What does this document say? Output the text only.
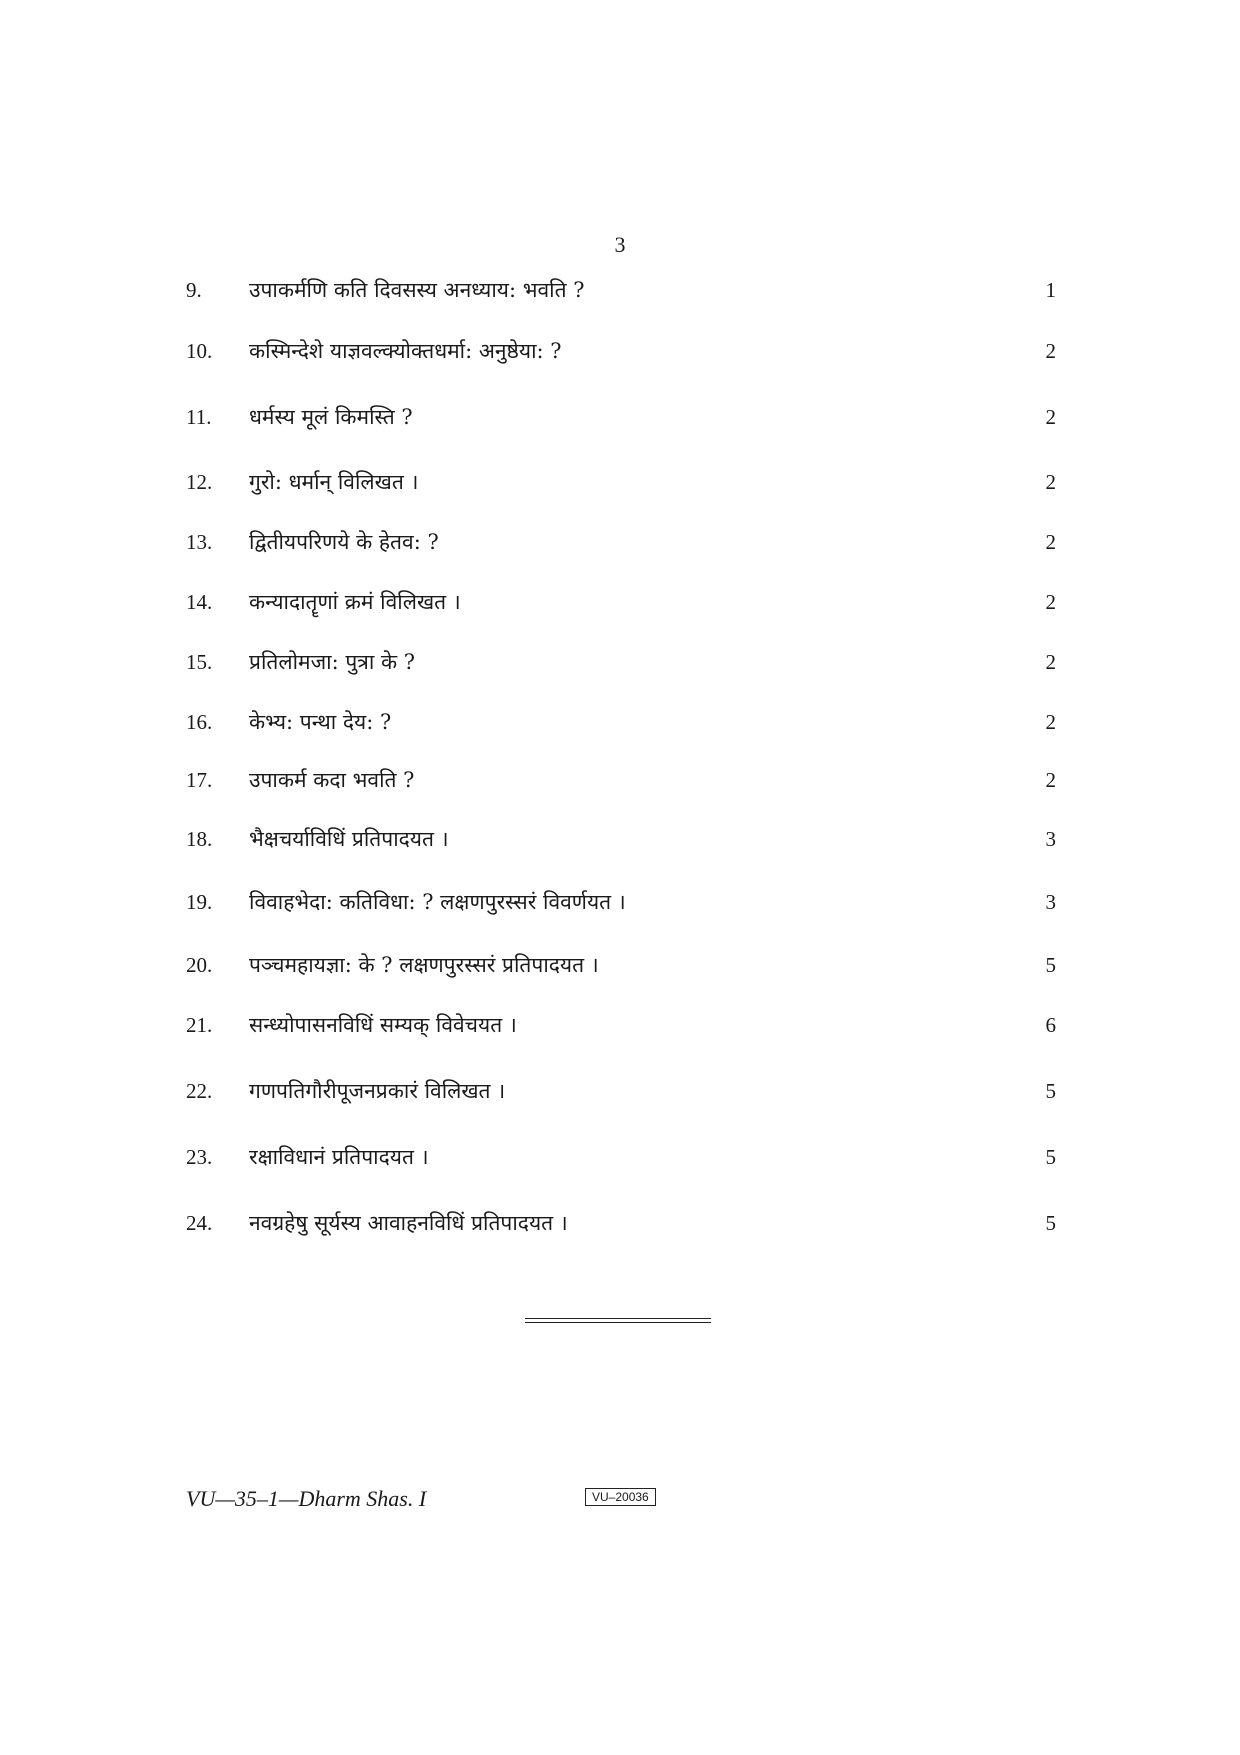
3
9.	उपाकर्मणि कति दिवसस्य अनध्याय: भवति ?	1
10.	कस्मिन्देशे याज्ञवल्क्योक्तधर्मा: अनुष्ठेया: ?	2
11.	धर्मस्य मूलं किमस्ति ?	2
12.	गुरो: धर्मान् विलिखत ।	2
13.	द्वितीयपरिणये के हेतव: ?	2
14.	कन्यादातॄणां क्रमं विलिखत ।	2
15.	प्रतिलोमजा: पुत्रा के ?	2
16.	केभ्य: पन्था देय: ?	2
17.	उपाकर्म कदा भवति ?	2
18.	भैक्षचर्याविधिं प्रतिपादयत ।	3
19.	विवाहभेदा: कतिविधा: ? लक्षणपुरस्सरं विवर्णयत ।	3
20.	पञ्चमहायज्ञा: के ? लक्षणपुरस्सरं प्रतिपादयत ।	5
21.	सन्ध्योपासनविधिं सम्यक् विवेचयत ।	6
22.	गणपतिगौरीपूजनप्रकारं विलिखत ।	5
23.	रक्षाविधानं प्रतिपादयत ।	5
24.	नवग्रहेषु सूर्यस्य आवाहनविधिं प्रतिपादयत ।	5
VU—35–1—Dharm Shas. I	VU–20036
